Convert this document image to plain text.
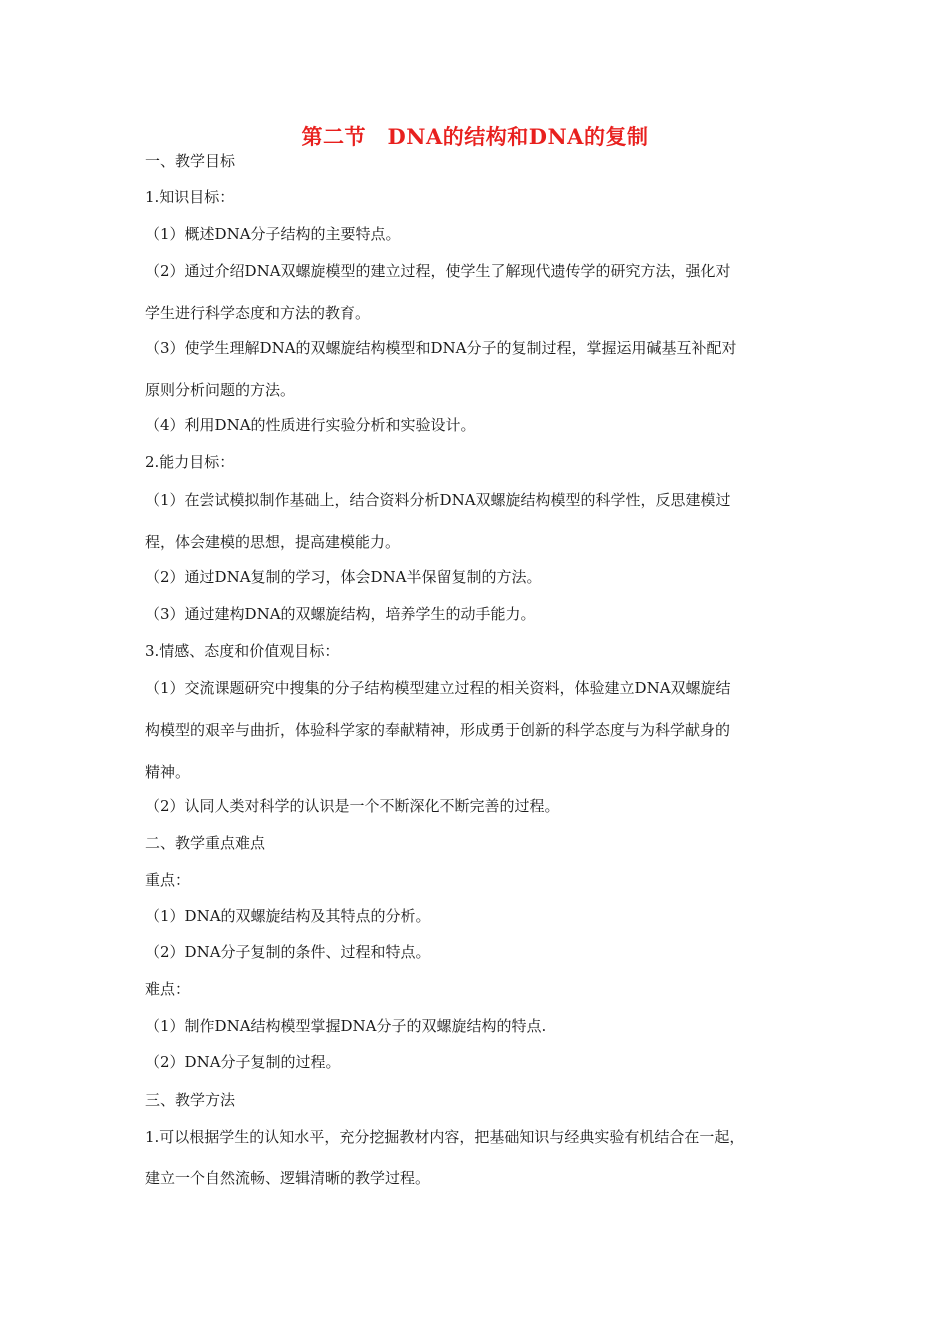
第二节　DNA的结构和DNA的复制
一、教学目标
1.知识目标：
（1）概述DNA分子结构的主要特点。
（2）通过介绍DNA双螺旋模型的建立过程，使学生了解现代遗传学的研究方法，强化对
学生进行科学态度和方法的教育。
（3）使学生理解DNA的双螺旋结构模型和DNA分子的复制过程，掌握运用碱基互补配对
原则分析问题的方法。
（4）利用DNA的性质进行实验分析和实验设计。
2.能力目标：
（1）在尝试模拟制作基础上，结合资料分析DNA双螺旋结构模型的科学性，反思建模过
程，体会建模的思想，提高建模能力。
（2）通过DNA复制的学习，体会DNA半保留复制的方法。
（3）通过建构DNA的双螺旋结构，培养学生的动手能力。
3.情感、态度和价值观目标：
（1）交流课题研究中搜集的分子结构模型建立过程的相关资料，体验建立DNA双螺旋结
构模型的艰辛与曲折，体验科学家的奉献精神，形成勇于创新的科学态度与为科学献身的
精神。
（2）认同人类对科学的认识是一个不断深化不断完善的过程。
二、教学重点难点
重点：
（1）DNA的双螺旋结构及其特点的分析。
（2）DNA分子复制的条件、过程和特点。
难点：
（1）制作DNA结构模型掌握DNA分子的双螺旋结构的特点.
（2）DNA分子复制的过程。
三、教学方法
1.可以根据学生的认知水平，充分挖掘教材内容，把基础知识与经典实验有机结合在一起，
建立一个自然流畅、逻辑清晰的教学过程。
